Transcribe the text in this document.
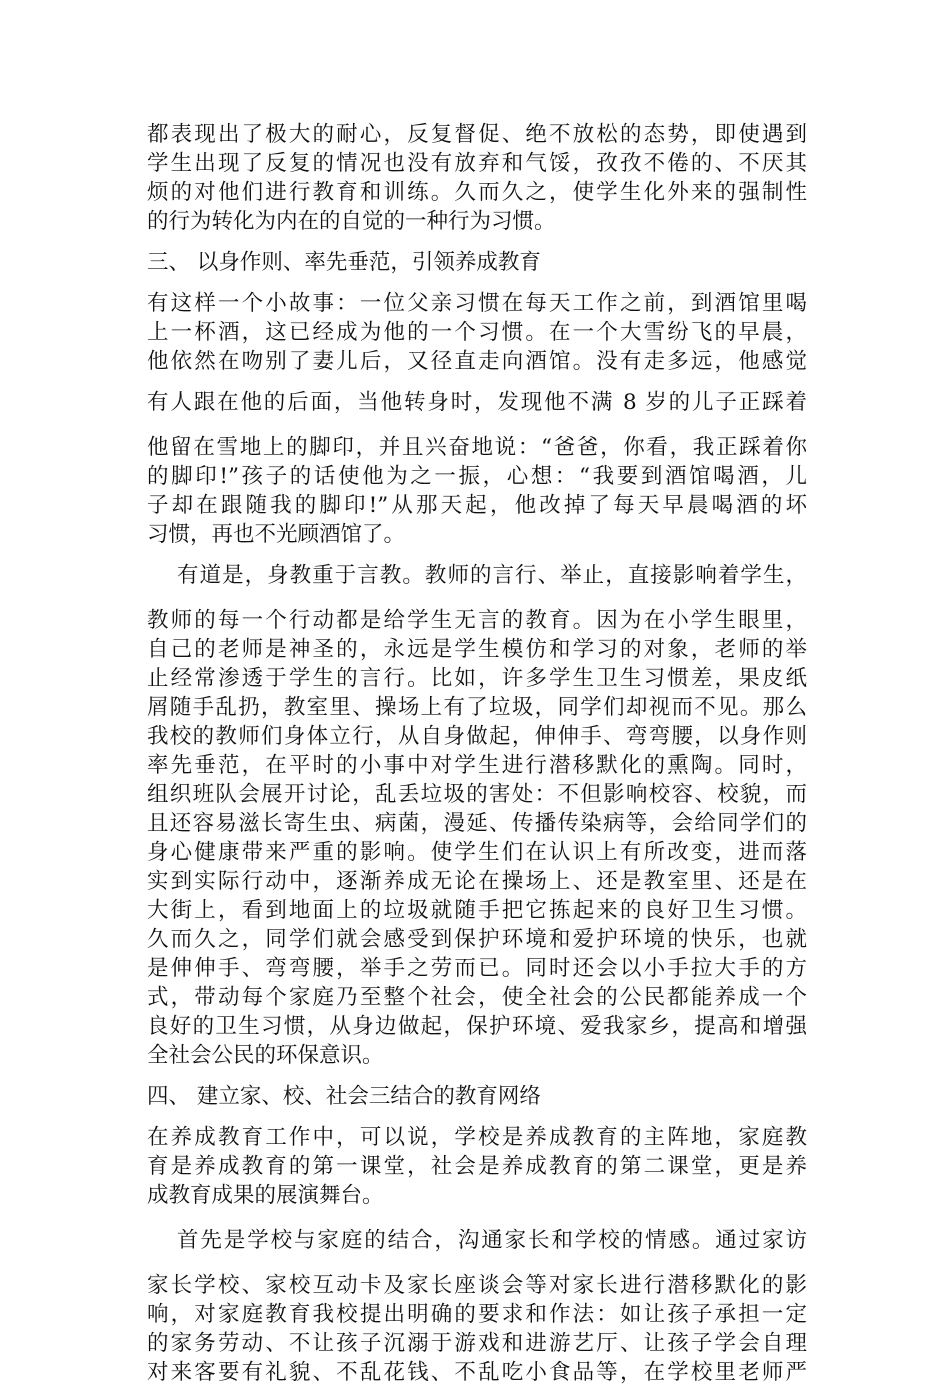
都表现出了极大的耐心，反复督促、绝不放松的态势，即使遇到
学生出现了反复的情况也没有放弃和气馁，孜孜不倦的、不厌其
烦的对他们进行教育和训练。久而久之，使学生化外来的强制性
的行为转化为内在的自觉的一种行为习惯。
三、 以身作则、率先垂范，引领养成教育
有这样一个小故事：一位父亲习惯在每天工作之前，到酒馆里喝
上一杯酒，这已经成为他的一个习惯。在一个大雪纷飞的早晨，
他依然在吻别了妻儿后，又径直走向酒馆。没有走多远，他感觉
有人跟在他的后面，当他转身时，发现他不满 8 岁的儿子正踩着
他留在雪地上的脚印，并且兴奋地说：“爸爸，你看，我正踩着你
的脚印!”孩子的话使他为之一振，心想：“我要到酒馆喝酒，儿
子却在跟随我的脚印!”从那天起，他改掉了每天早晨喝酒的坏
习惯，再也不光顾酒馆了。
有道是，身教重于言教。教师的言行、举止，直接影响着学生，
教师的每一个行动都是给学生无言的教育。因为在小学生眼里，
自己的老师是神圣的，永远是学生模仿和学习的对象，老师的举
止经常渗透于学生的言行。比如，许多学生卫生习惯差，果皮纸
屑随手乱扔，教室里、操场上有了垃圾，同学们却视而不见。那么
我校的教师们身体立行，从自身做起，伸伸手、弯弯腰，以身作则
率先垂范，在平时的小事中对学生进行潜移默化的熏陶。同时，
组织班队会展开讨论，乱丢垃圾的害处：不但影响校容、校貌，而
且还容易滋长寄生虫、病菌，漫延、传播传染病等，会给同学们的
身心健康带来严重的影响。使学生们在认识上有所改变，进而落
实到实际行动中，逐渐养成无论在操场上、还是教室里、还是在
大街上，看到地面上的垃圾就随手把它拣起来的良好卫生习惯。
久而久之，同学们就会感受到保护环境和爱护环境的快乐，也就
是伸伸手、弯弯腰，举手之劳而已。同时还会以小手拉大手的方
式，带动每个家庭乃至整个社会，使全社会的公民都能养成一个
良好的卫生习惯，从身边做起，保护环境、爱我家乡，提高和增强
全社会公民的环保意识。
四、 建立家、校、社会三结合的教育网络
在养成教育工作中，可以说，学校是养成教育的主阵地，家庭教
育是养成教育的第一课堂，社会是养成教育的第二课堂，更是养
成教育成果的展演舞台。
首先是学校与家庭的结合，沟通家长和学校的情感。通过家访
家长学校、家校互动卡及家长座谈会等对家长进行潜移默化的影
响，对家庭教育我校提出明确的要求和作法：如让孩子承担一定
的家务劳动、不让孩子沉溺于游戏和进游艺厅、让孩子学会自理
对来客要有礼貌、不乱花钱、不乱吃小食品等，在学校里老师严
